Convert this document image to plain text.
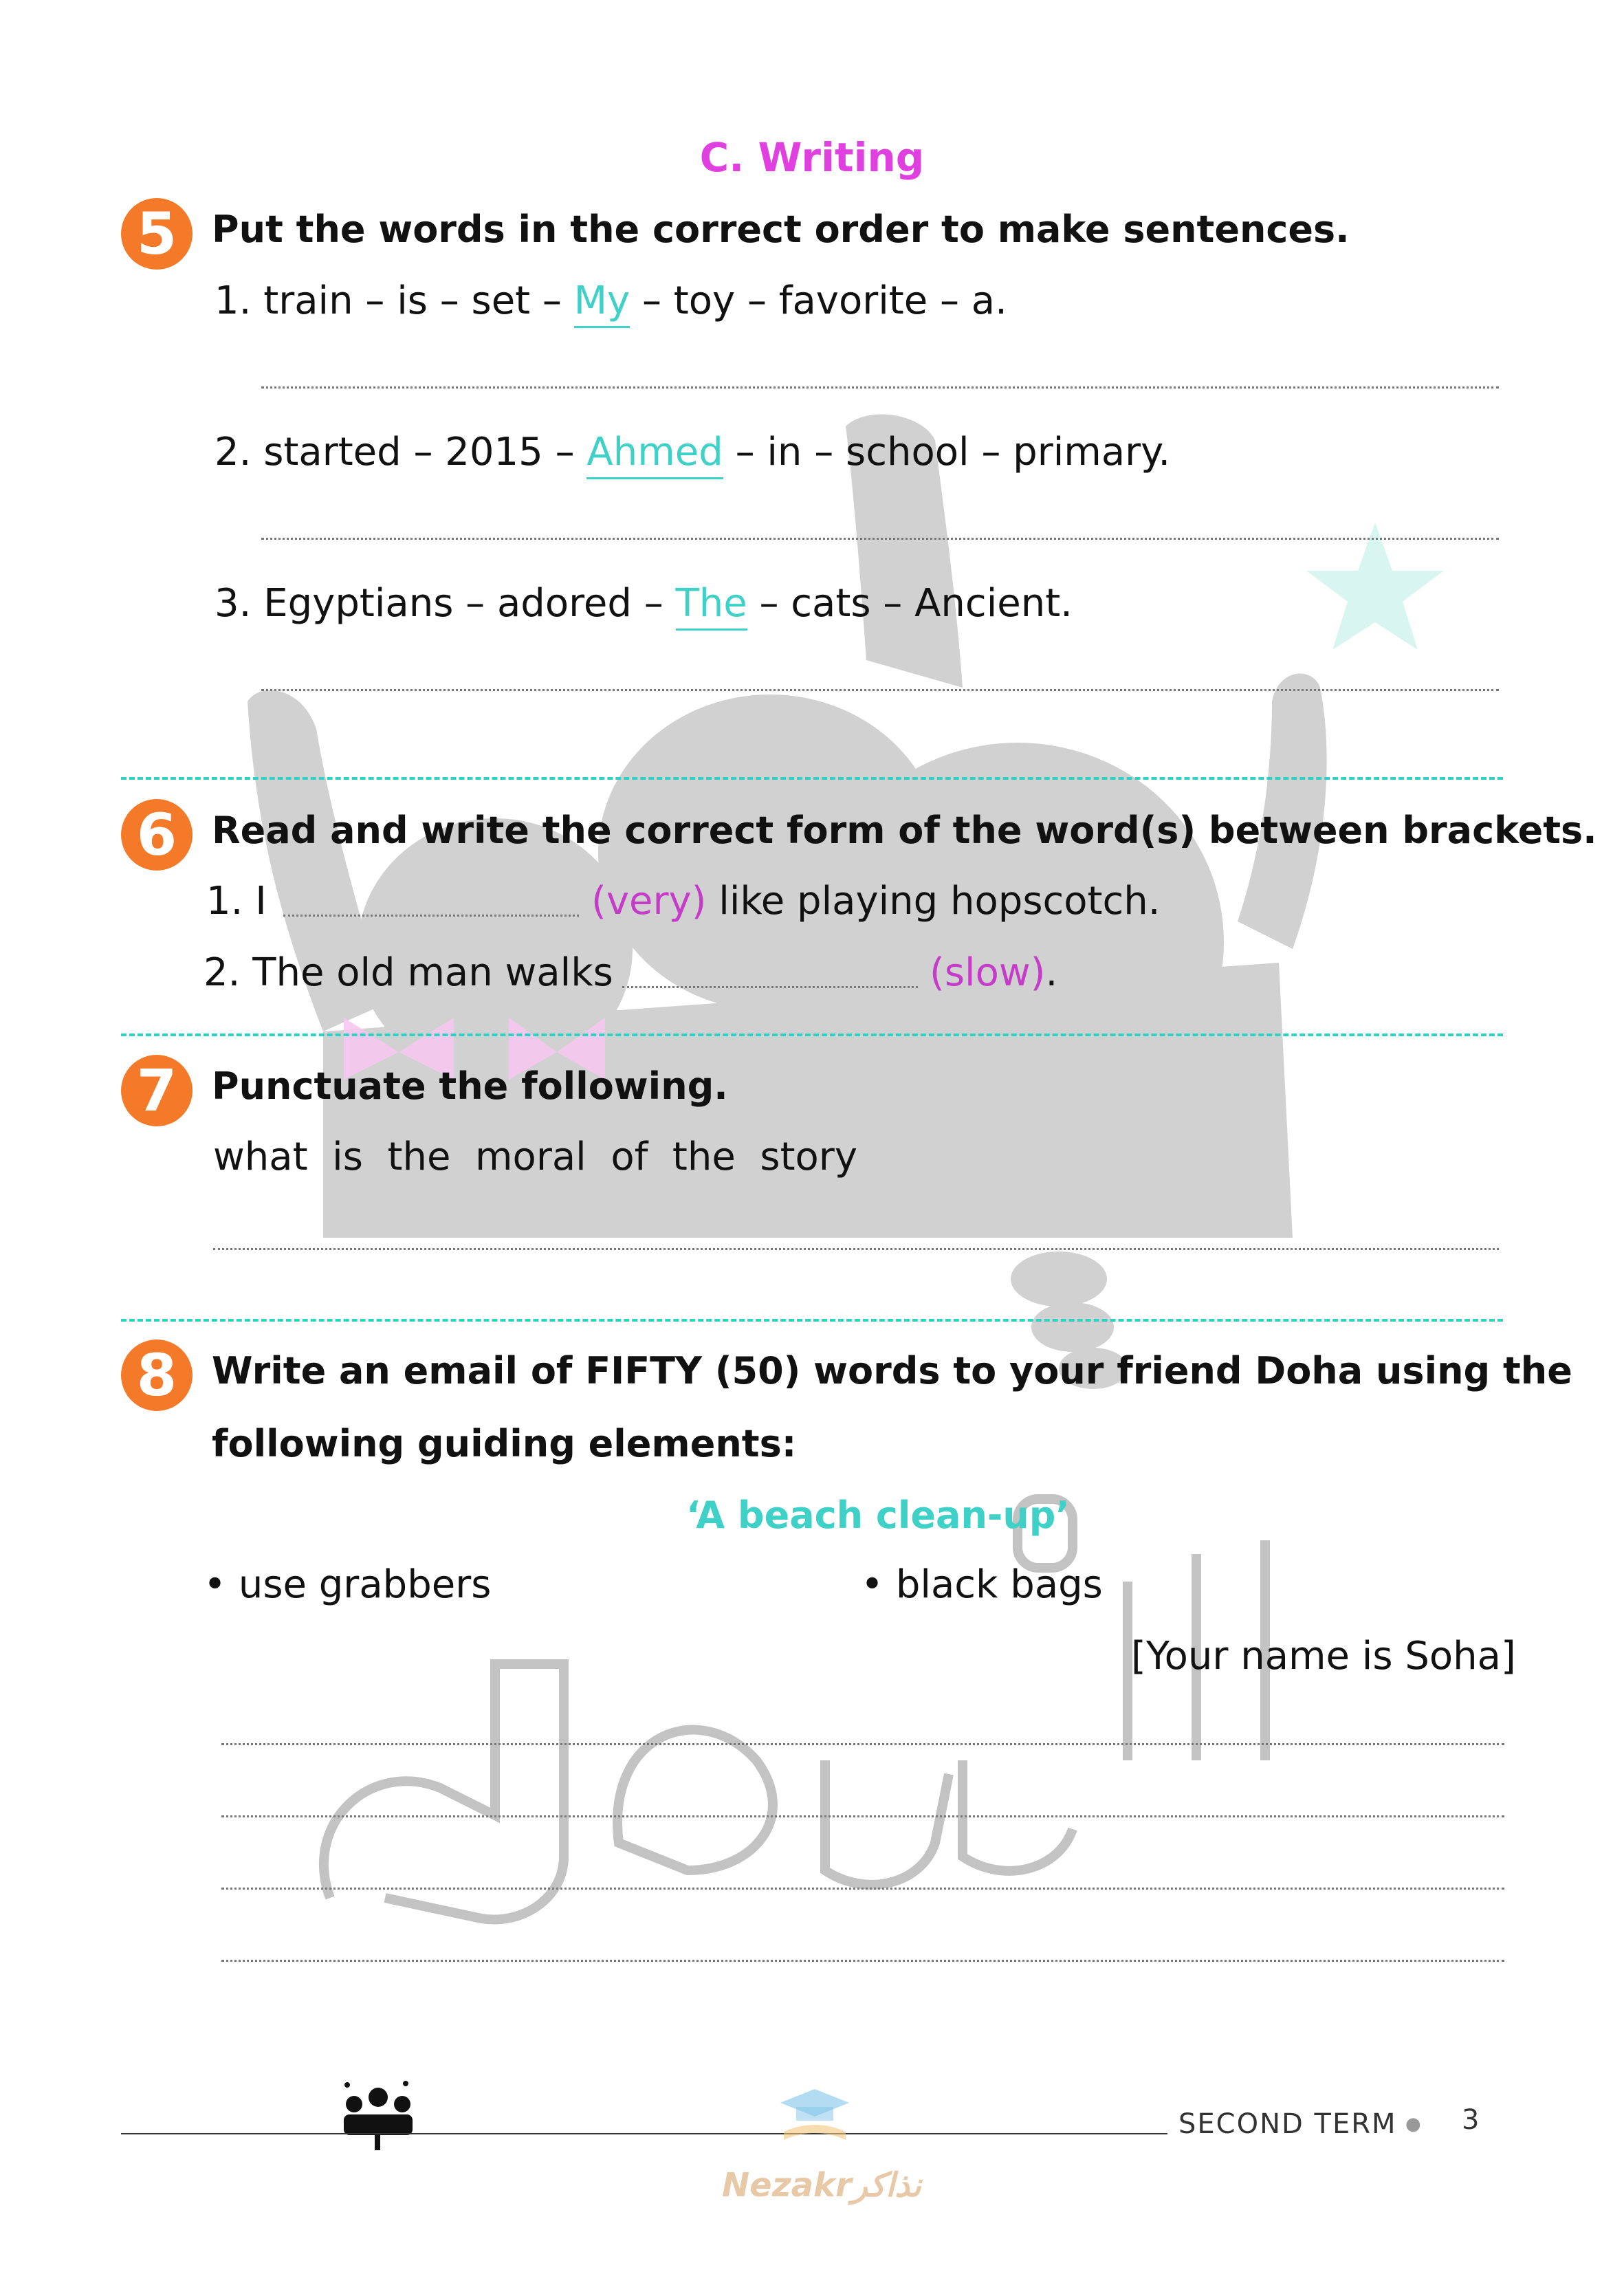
C. Writing
5 Put the words in the correct order to make sentences.
1. train – is – set – My – toy – favorite – a.
2. started – 2015 – Ahmed – in – school – primary.
3. Egyptians – adored – The – cats – Ancient.
6 Read and write the correct form of the word(s) between brackets.
1. I	(very) like playing hopscotch.
2. The old man walks	(slow).
7 Punctuate the following.
what  is  the  moral  of  the  story
8 Write an email of FIFTY (50) words to your friend Doha using the
following guiding elements:
‘A beach clean-up’
• use grabbers	• black bags
[Your name is Soha]
SECOND TERM ● 3
Nezakrنذاكر
